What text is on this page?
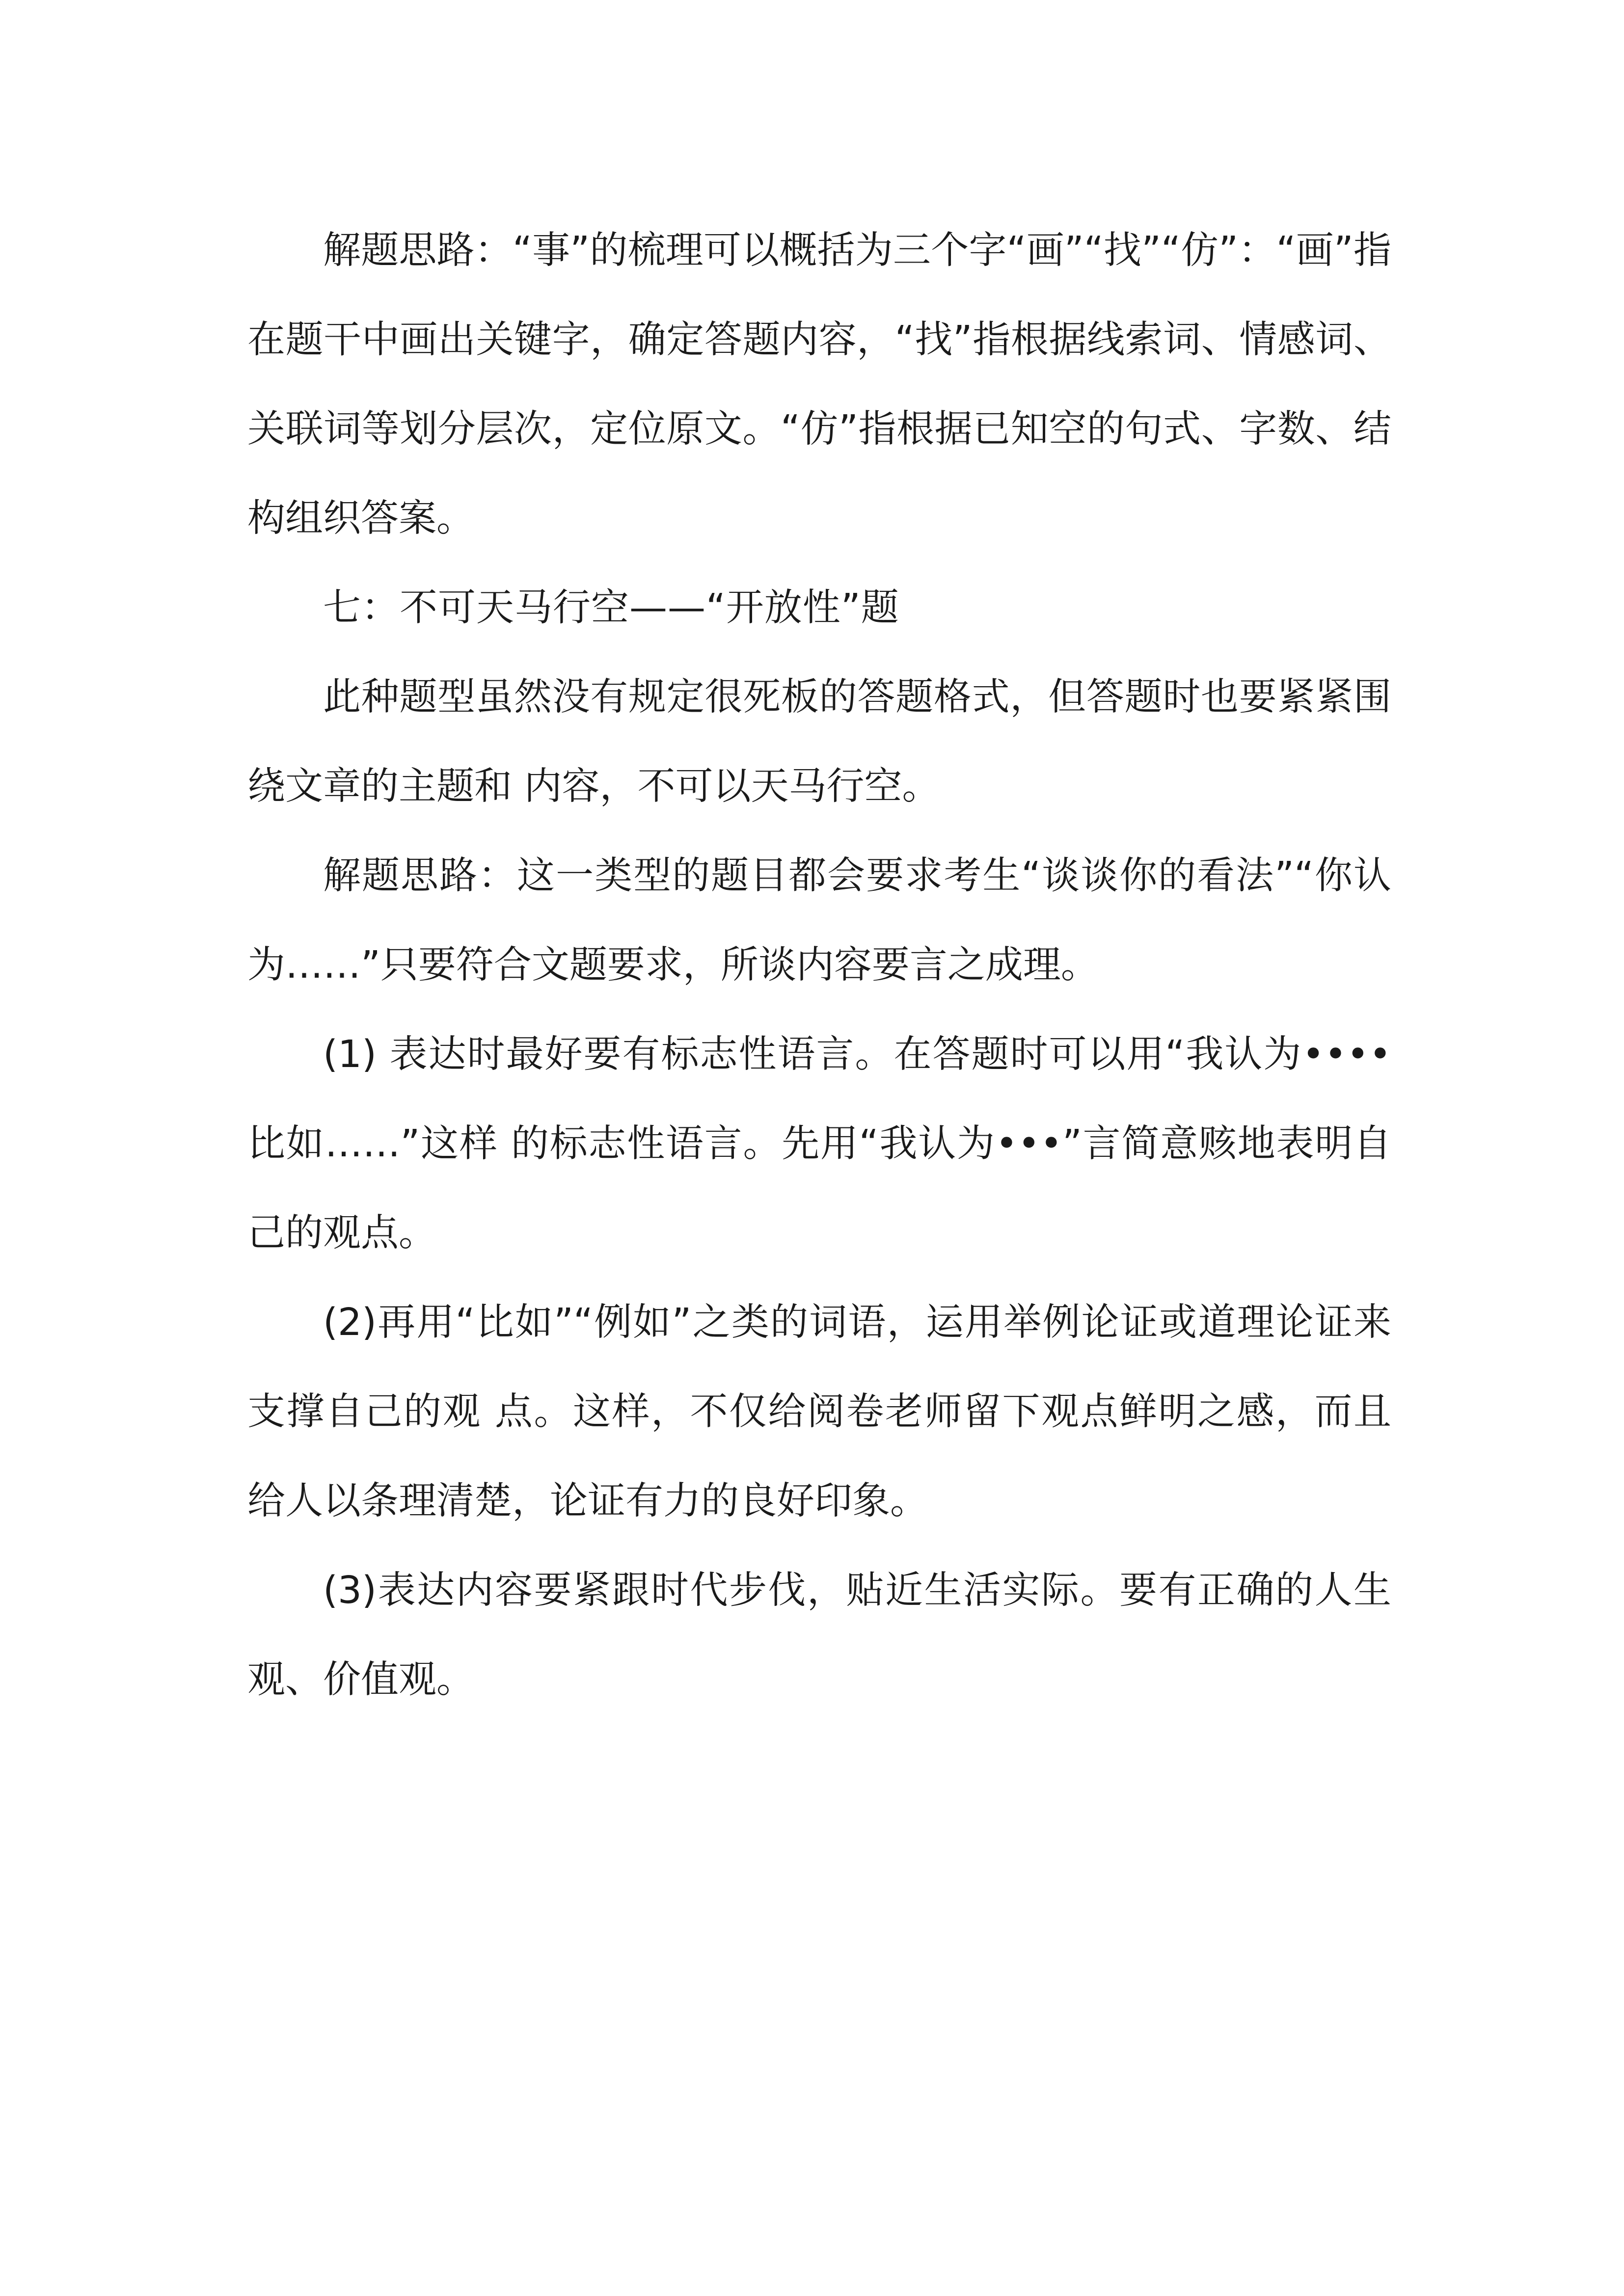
解题思路：“事”的梳理可以概括为三个字“画”“找”“仿”：“画”指在题干中画出关键字，确定答题内容，“找”指根据线索词、情感词、 关联词等划分层次，定位原文。“仿”指根据已知空的句式、字数、结构组织答案。

七：不可天马行空——“开放性”题

此种题型虽然没有规定很死板的答题格式，但答题时也要紧紧围绕文章的主题和 内容，不可以天马行空。

解题思路：这一类型的题目都会要求考生“谈谈你的看法”“你认为……”只要符合文题要求，所谈内容要言之成理。

(1) 表达时最好要有标志性语言。在答题时可以用“我认为••••比如……”这样 的标志性语言。先用“我认为•••”言简意赅地表明自己的观点。

(2)再用“比如”“例如”之类的词语，运用举例论证或道理论证来支撑自己的观 点。这样，不仅给阅卷老师留下观点鲜明之感，而且给人以条理清楚，论证有力的良好印象。

(3)表达内容要紧跟时代步伐，贴近生活实际。要有正确的人生观、价值观。
